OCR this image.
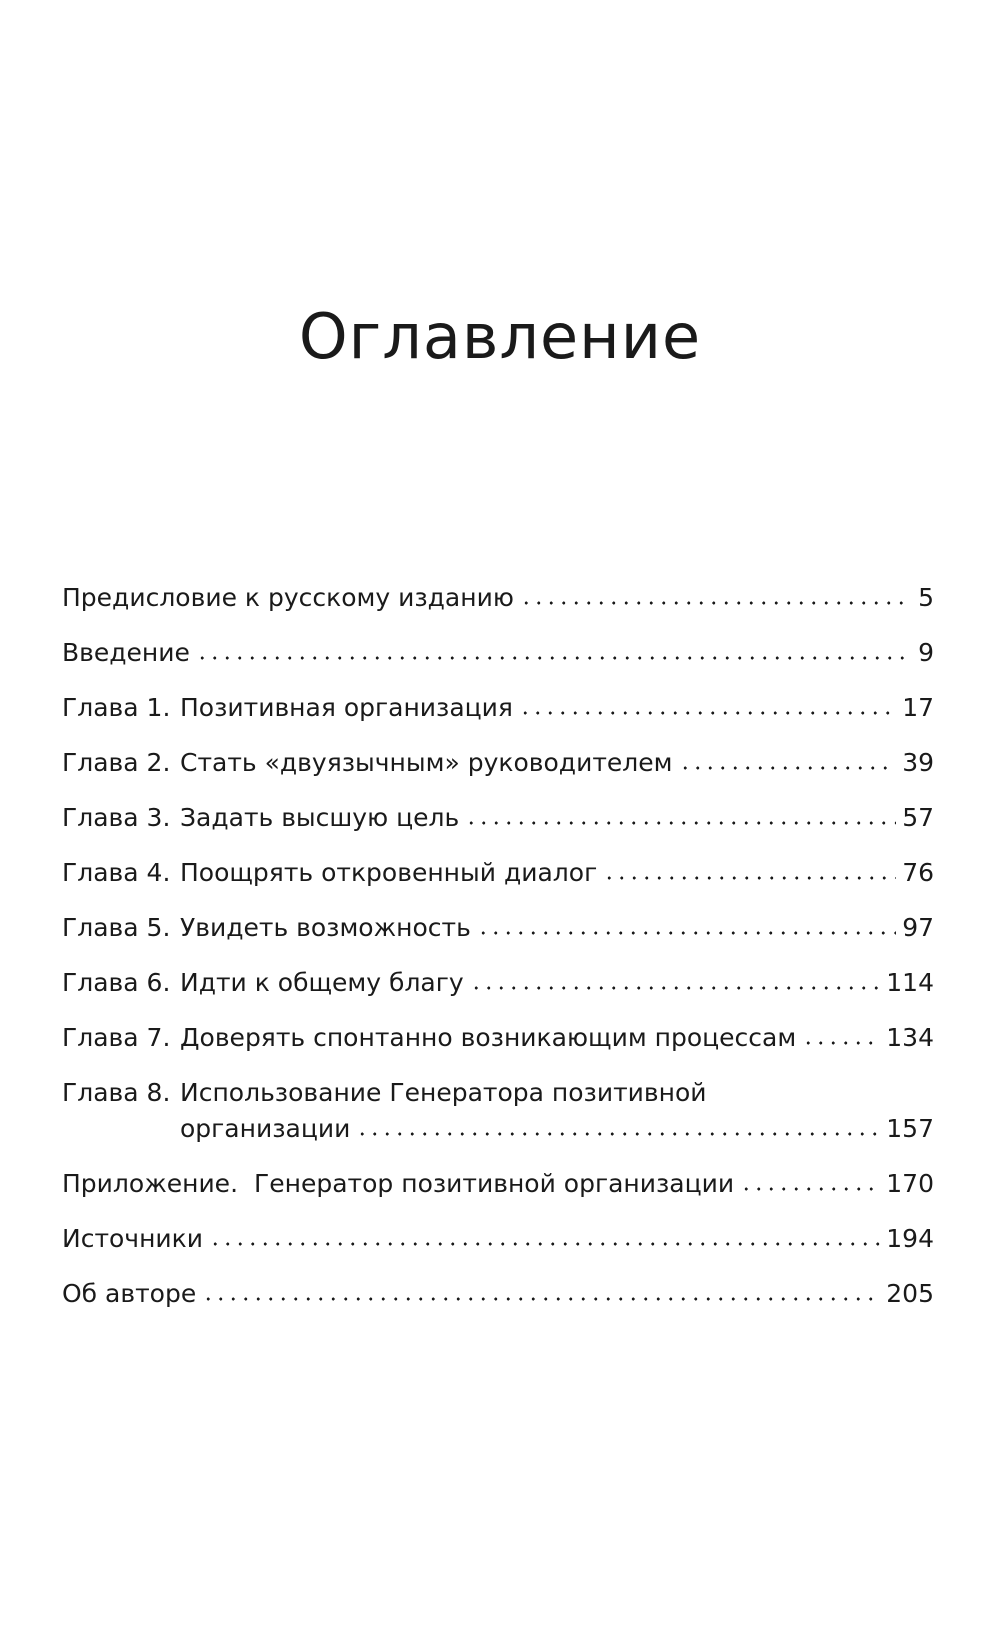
Оглавление
Предисловие к русскому изданию	5
Введение	9
Глава 1. Позитивная организация	17
Глава 2. Стать «двуязычным» руководителем	39
Глава 3. Задать высшую цель	57
Глава 4. Поощрять откровенный диалог	76
Глава 5. Увидеть возможность	97
Глава 6. Идти к общему благу	114
Глава 7. Доверять спонтанно возникающим процессам	134
Глава 8. Использование Генератора позитивной
организации	157
Приложение. Генератор позитивной организации	170
Источники	194
Об авторе	205
